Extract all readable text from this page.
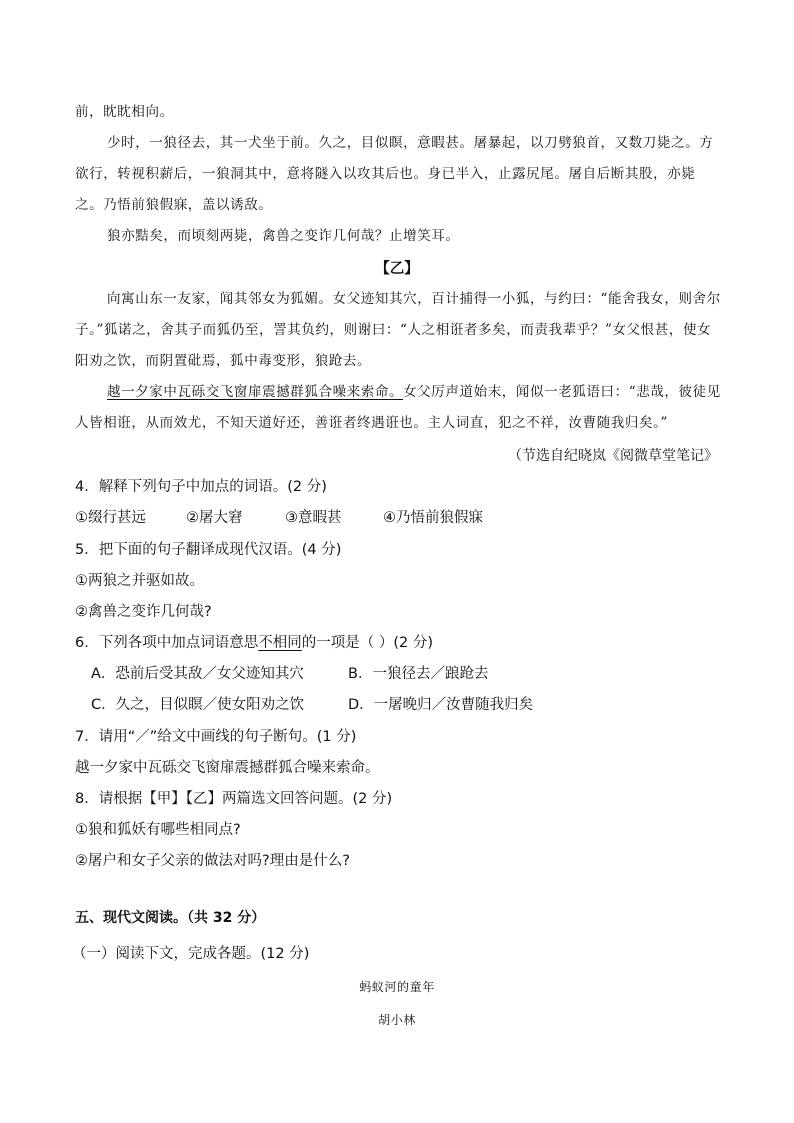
前，眈眈相向。
少时，一狼径去，其一犬坐于前。久之，目似瞑，意暇甚。屠暴起，以刀劈狼首，又数刀毙之。方欲行，转视积薪后，一狼洞其中，意将隧入以攻其后也。身已半入，止露尻尾。屠自后断其股，亦毙之。乃悟前狼假寐，盖以诱敌。
狼亦黠矣，而顷刻两毙，禽兽之变诈几何哉？止增笑耳。
【乙】
向寓山东一友家，闻其邻女为狐媚。女父迹知其穴，百计捕得一小狐，与约曰：“能舍我女，则舍尔子。”狐诺之，舍其子而狐仍至，詈其负约，则谢曰：“人之相诳者多矣，而责我辈乎？”女父恨甚，使女阳劝之饮，而阴置砒焉，狐中毒变形，狼跄去。
越一夕家中瓦砾交飞窗扉震撼群狐合噪来索命。女父厉声道始末，闻似一老狐语曰：“悲哉，彼徒见人皆相诳，从而效尤，不知天道好还，善诳者终遇诳也。主人词直，犯之不祥，汝曹随我归矣。”
（节选自纪晓岚《阅微草堂笔记》
4．解释下列句子中加点的词语。(2 分)
①缀行甚远	②屠大窘	③意暇甚	④乃悟前狼假寐
5．把下面的句子翻译成现代汉语。(4 分)
①两狼之并驱如故。
②禽兽之变诈几何哉?
6．下列各项中加点词语意思不相同的一项是（ ）(2 分)
A．恐前后受其敌／女父迹知其穴	B．一狼径去／踉跄去
C．久之，目似瞑／使女阳劝之饮	D．一屠晚归／汝曹随我归矣
7．请用“／”给文中画线的句子断句。(1 分)
越一夕家中瓦砾交飞窗扉震撼群狐合噪来索命。
8．请根据【甲】【乙】两篇选文回答问题。(2 分)
①狼和狐妖有哪些相同点?
②屠户和女子父亲的做法对吗?理由是什么?
五、现代文阅读。（共 32 分）
（一）阅读下文，完成各题。(12 分)
蚂蚁河的童年
胡小林
